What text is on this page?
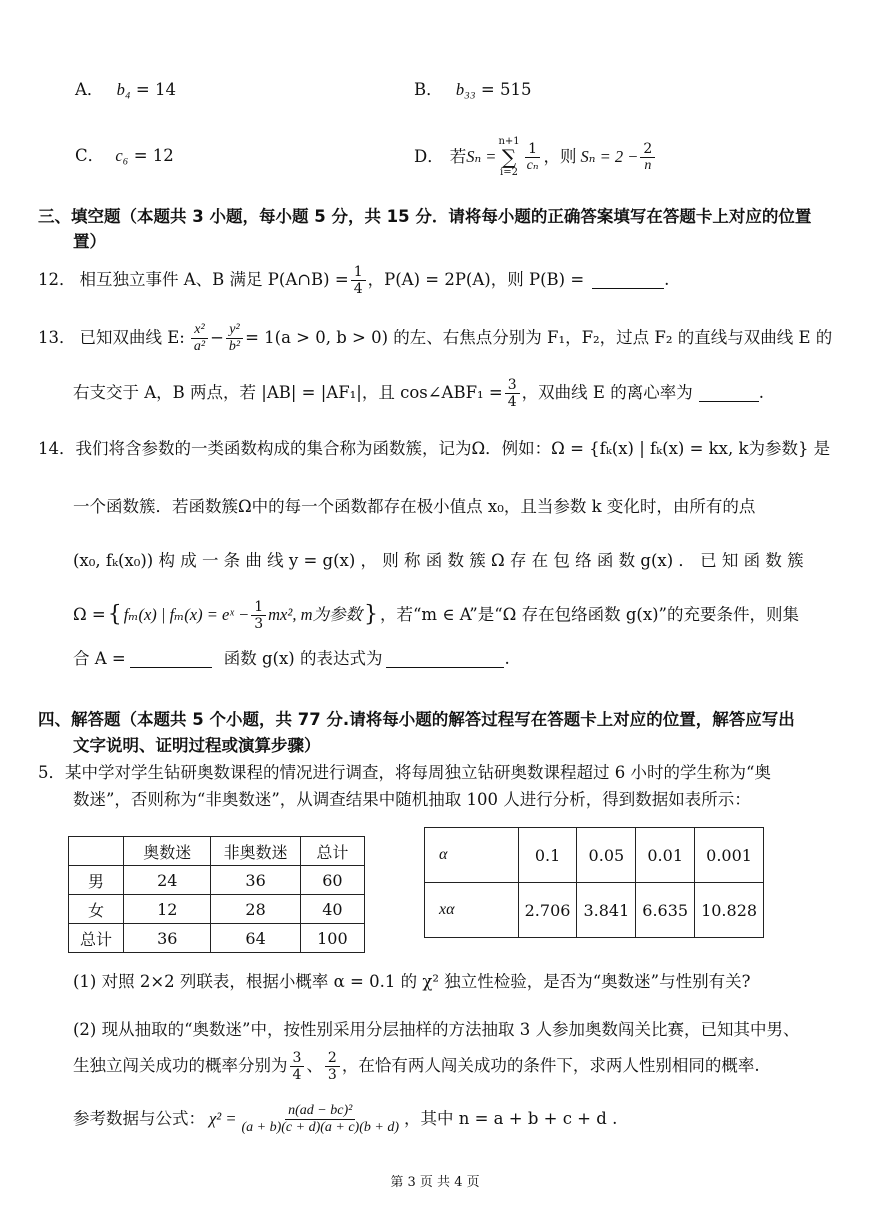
A． b₄ = 14	B． b₃₃ = 515
C． c₆ = 12	D． 若 Sₙ =
n+1
∑
$i=2 \frac{1}{\text{cₙ}}$ ，则 $S_n = 2 - \frac{2}{n}$
三、填空题（本题共 3 小题，每小题 5 分，共 15 分．请将每小题的正确答案填写在答题卡上对应的位置
置）
12． 相互独立事件 A、B 满足 P(A∩B) = $\frac{1}{4}$ ，P(A) = 2P(A)，则 P(B) =	.
13． 已知双曲线 E: $\frac{\text{x²}}{\text{a²}} - \frac{\text{y²}}{\text{b²}} = 1(a > 0$, b > 0) 的左、右焦点分别为 F₁，F₂，过点 F₂ 的直线与双曲线 E 的
右支交于 A，B 两点，若 |AB| = |AF₁|，且 cos∠ABF₁ = $\frac{3}{4}$ ，双曲线 E 的离心率为	.
14．我们将含参数的一类函数构成的集合称为函数簇，记为Ω．例如：Ω = {fₖ(x) | fₖ(x) = kx, k为参数} 是
一个函数簇．若函数簇Ω中的每一个函数都存在极小值点 x₀，且当参数 k 变化时，由所有的点
(x₀, fₖ(x₀)) 构 成 一 条 曲 线 y = g(x) ， 则 称 函 数 簇 Ω 存 在 包 络 函 数 g(x) ． 已 知 函 数 簇
Ω = { fₘ(x) | fₘ(x) = eˣ − $\frac{1}{3} mx^2$, m为参数 } ，若“m ∈ A”是“Ω 存在包络函数 g(x)”的充要条件，则集
合 A =	函数 g(x) 的表达式为	.
四、解答题（本题共 5 个小题，共 77 分.请将每小题的解答过程写在答题卡上对应的位置，解答应写出
文字说明、证明过程或演算步骤）
5．某中学对学生钻研奥数课程的情况进行调查，将每周独立钻研奥数课程超过 6 小时的学生称为“奥
数迷”，否则称为“非奥数迷”，从调查结果中随机抽取 100 人进行分析，得到数据如表所示：
	奥数迷	非奥数迷	总计
男	24	36	60
女	12	28	40
总计	36	64	100
α	0.1	0.05	0.01	0.001
xα	2.706	3.841	6.635	10.828
(1) 对照 2×2 列联表，根据小概率 α = 0.1 的 χ² 独立性检验，是否为“奥数迷”与性别有关?
(2) 现从抽取的“奥数迷”中，按性别采用分层抽样的方法抽取 3 人参加奥数闯关比赛，已知其中男、
生独立闯关成功的概率分别为 $\frac{3}{4}$ 、 $\frac{2}{3}$ ，在恰有两人闯关成功的条件下，求两人性别相同的概率.
参考数据与公式： $\chi^2 = \frac{\text{n(ad − bc)²}}{(a + b)(c + d)(a + c)(b + d)}$ ，其中 n = a + b + c + d .
第 3 页 共 4 页
